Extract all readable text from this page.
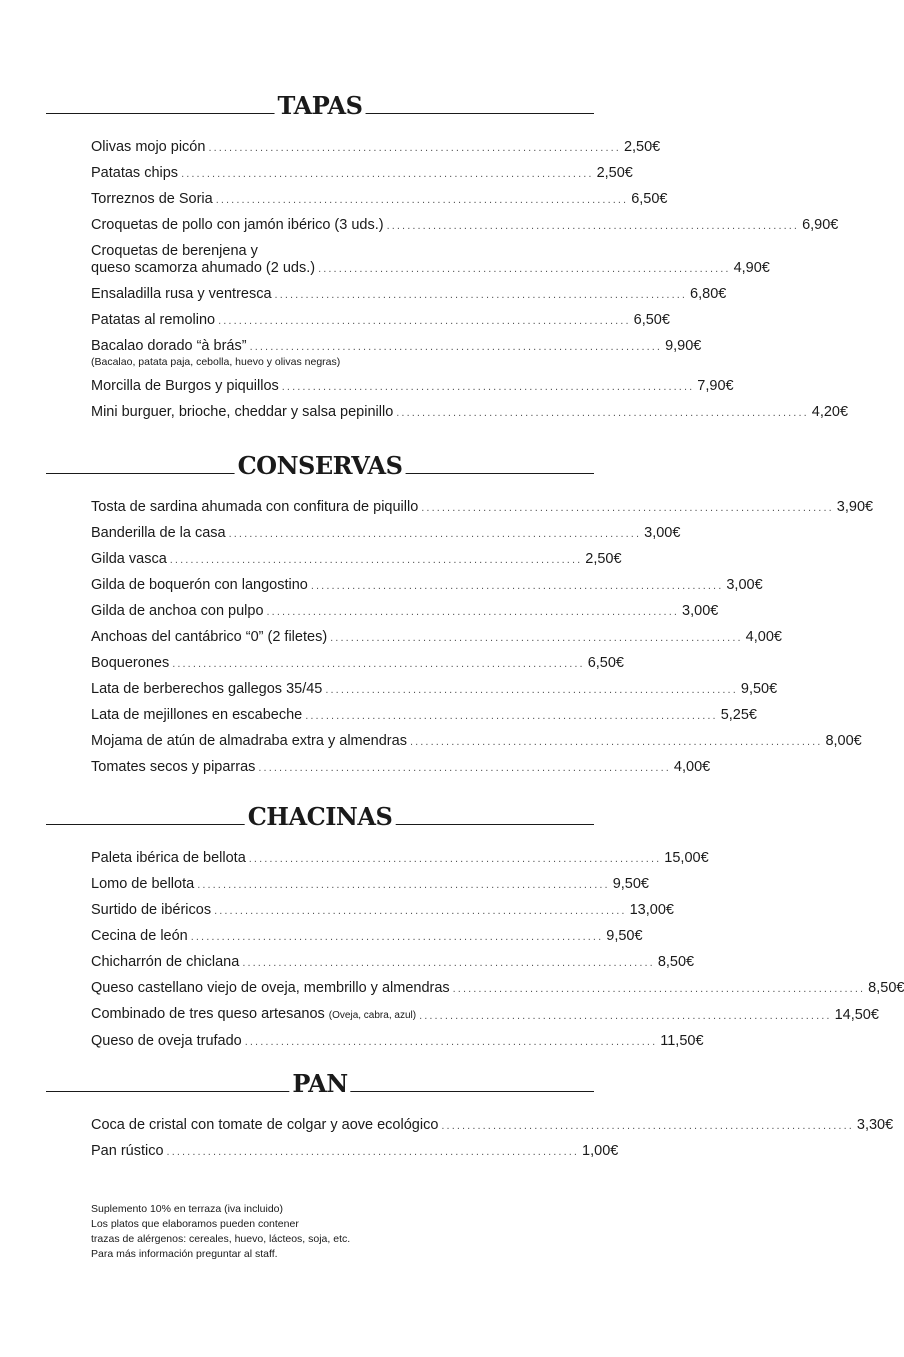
TAPAS
Olivas mojo picón ................................................................................ 2,50€
Patatas chips ................................................................................ 2,50€
Torreznos de Soria ................................................................................ 6,50€
Croquetas de pollo con jamón ibérico (3 uds.) ................................................................................ 6,90€
Croquetas de berenjena y
queso scamorza ahumado (2 uds.) ................................................................................ 4,90€
Ensaladilla rusa y ventresca ................................................................................ 6,80€
Patatas al remolino ................................................................................ 6,50€
Bacalao dorado “à brás” ................................................................................ 9,90€
(Bacalao, patata paja, cebolla, huevo y olivas negras)
Morcilla de Burgos y piquillos ................................................................................ 7,90€
Mini burguer, brioche, cheddar y salsa pepinillo ................................................................................ 4,20€
CONSERVAS
Tosta de sardina ahumada con confitura de piquillo ................................................................................ 3,90€
Banderilla de la casa ................................................................................ 3,00€
Gilda vasca ................................................................................ 2,50€
Gilda de boquerón con langostino ................................................................................ 3,00€
Gilda de anchoa con pulpo ................................................................................ 3,00€
Anchoas del cantábrico “0” (2 filetes) ................................................................................ 4,00€
Boquerones ................................................................................ 6,50€
Lata de berberechos gallegos 35/45 ................................................................................ 9,50€
Lata de mejillones en escabeche ................................................................................ 5,25€
Mojama de atún de almadraba extra y almendras ................................................................................ 8,00€
Tomates secos y piparras ................................................................................ 4,00€
CHACINAS
Paleta ibérica de bellota ................................................................................ 15,00€
Lomo de bellota ................................................................................ 9,50€
Surtido de ibéricos ................................................................................ 13,00€
Cecina de león ................................................................................ 9,50€
Chicharrón de chiclana ................................................................................ 8,50€
Queso castellano viejo de oveja, membrillo y almendras ................................................................................ 8,50€
Combinado de tres queso artesanos (Oveja, cabra, azul) ................................................................................ 14,50€
Queso de oveja trufado ................................................................................ 11,50€
PAN
Coca de cristal con tomate de colgar y aove ecológico ................................................................................ 3,30€
Pan rústico ................................................................................ 1,00€
Suplemento 10% en terraza (iva incluido)
Los platos que elaboramos pueden contener
trazas de alérgenos: cereales, huevo, lácteos, soja, etc.
Para más información preguntar al staff.
